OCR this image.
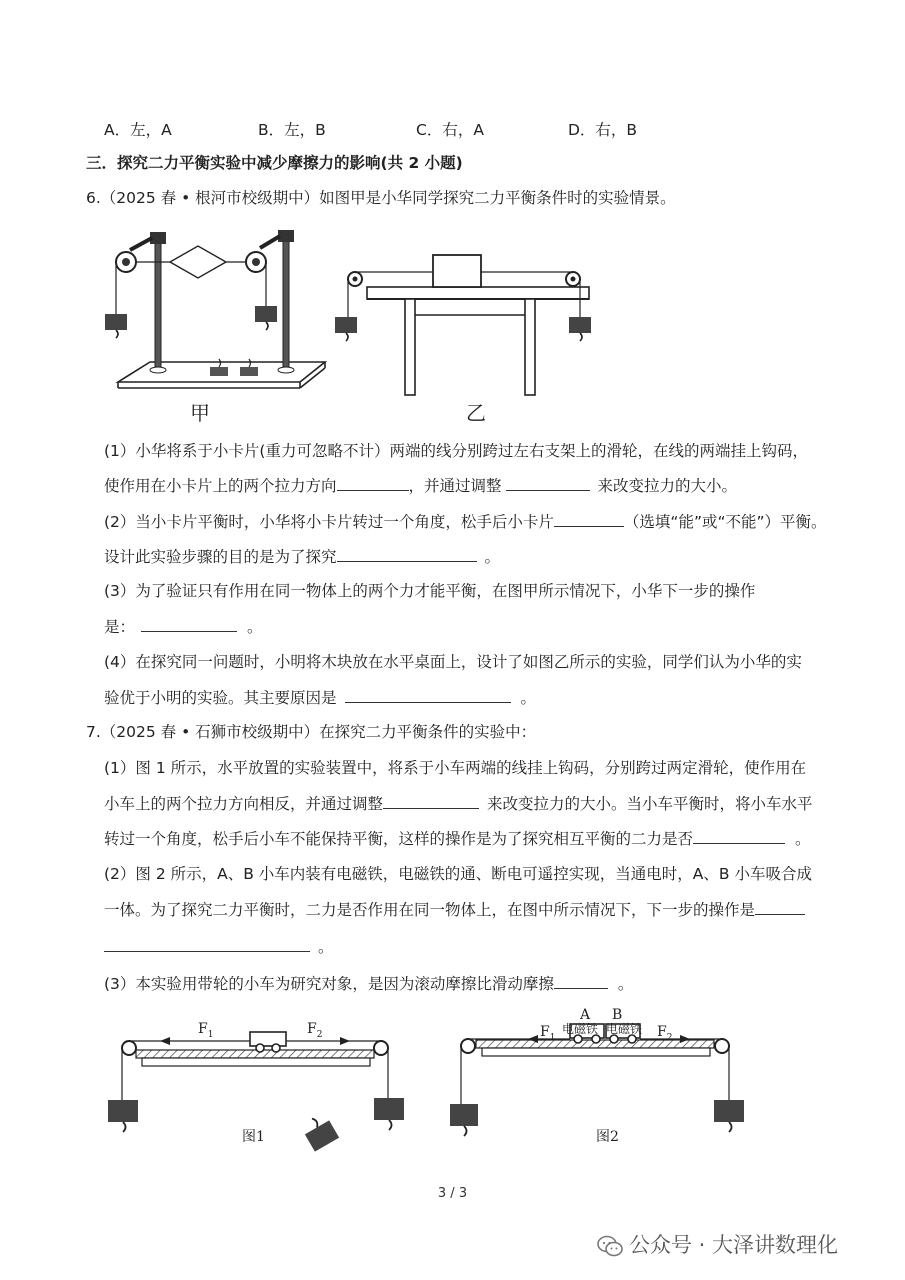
A．左，A	B．左，B	C．右，A	D．右，B
三．探究二力平衡实验中减少摩擦力的影响(共 2 小题)
6.（2025 春 • 根河市校级期中）如图甲是小华同学探究二力平衡条件时的实验情景。
甲	乙
(1）小华将系于小卡片(重力可忽略不计）两端的线分别跨过左右支架上的滑轮，在线的两端挂上钩码，
使作用在小卡片上的两个拉力方向	，并通过调整	来改变拉力的大小。
(2）当小卡片平衡时，小华将小卡片转过一个角度，松手后小卡片	（选填“能”或“不能”）平衡。
设计此实验步骤的目的是为了探究	。
(3）为了验证只有作用在同一物体上的两个力才能平衡，在图甲所示情况下，小华下一步的操作
是：	。
(4）在探究同一问题时，小明将木块放在水平桌面上，设计了如图乙所示的实验，同学们认为小华的实
验优于小明的实验。其主要原因是	。
7.（2025 春 • 石狮市校级期中）在探究二力平衡条件的实验中：
(1）图 1 所示，水平放置的实验装置中，将系于小车两端的线挂上钩码，分别跨过两定滑轮，使作用在
小车上的两个拉力方向相反，并通过调整	来改变拉力的大小。当小车平衡时，将小车水平
转过一个角度，松手后小车不能保持平衡，这样的操作是为了探究相互平衡的二力是否	。
(2）图 2 所示，A、B 小车内装有电磁铁，电磁铁的通、断电可遥控实现，当通电时，A、B 小车吸合成
一体。为了探究二力平衡时，二力是否作用在同一物体上，在图中所示情况下，下一步的操作是
。
(3）本实验用带轮的小车为研究对象，是因为滚动摩擦比滑动摩擦	。
$F_1$	$F_2$
图1
A B
电磁铁 电磁铁
$F_1$	$F_2$
图2
3 / 3
公众号 · 大泽讲数理化
